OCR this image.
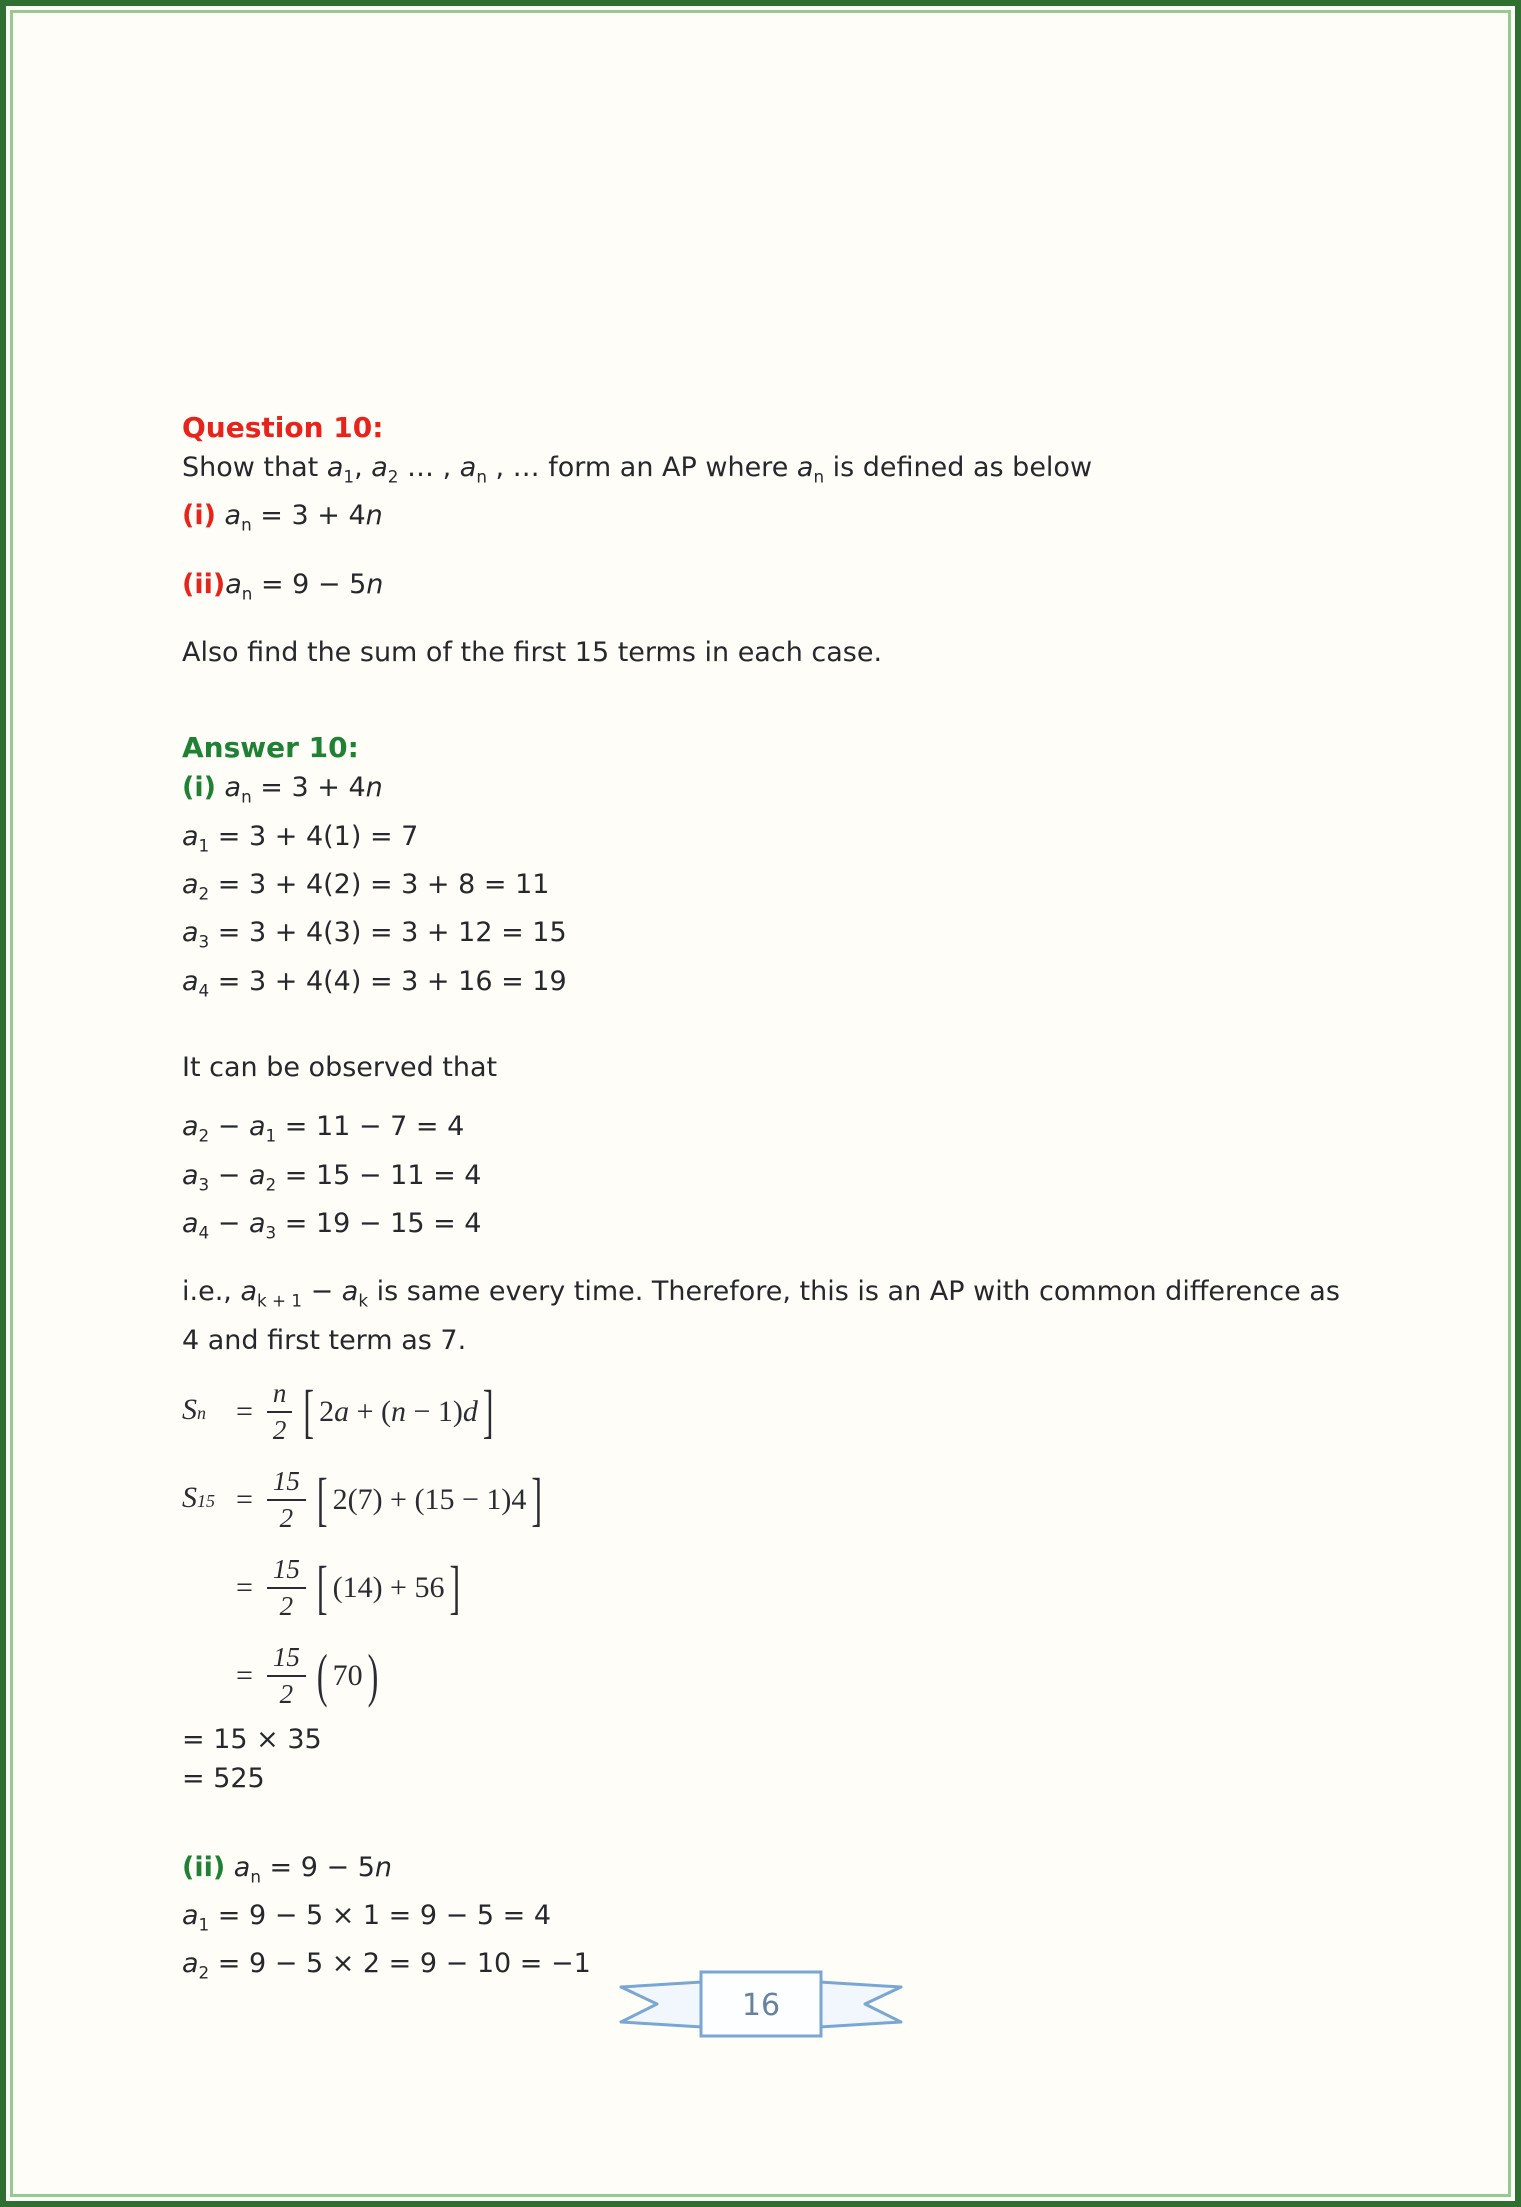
Question 10:
Show that $a_1$, $a_2$ … , $a_n$ , … form an AP where $a_n$ is defined as below
(i) $a_n = 3 + 4n$
$(ii)a_n = 9 - 5n$
Also find the sum of the first 15 terms in each case.
Answer 10:
(i) $a_n = 3 + 4n$
$a_1 = 3 + 4(1) = 7$
$a_2 = 3 + 4(2) = 3 + 8 = 11$
$a_3 = 3 + 4(3) = 3 + 12 = 15$
$a_4 = 3 + 4(4) = 3 + 16 = 19$
It can be observed that
$a_2 - a_1 = 11 - 7 = 4$
$a_3 - a_2 = 15 - 11 = 4$
$a_4 - a_3 = 19 - 15 = 4$
i.e., $a_{k + 1} - a_k$ is same every time. Therefore, this is an AP with common difference as 4 and first term as 7.
S $n = \frac{n}{2}$ [ 2a + (n − 1)d ]
S $15 = \frac{15}{2}$ [ 2(7) + (15 − 1)4 ]
= $\frac{15}{2}$ [ (14) + 56 ]
= $\frac{15}{2}$ ( 70 )
= 15 × 35
= 525
(ii) $a_n = 9 - 5n$
$a_1 = 9 - 5 \times 1 = 9 - 5 = 4$
$a_2 = 9 - 5 \times 2 = 9 - 10 = -1$
16
